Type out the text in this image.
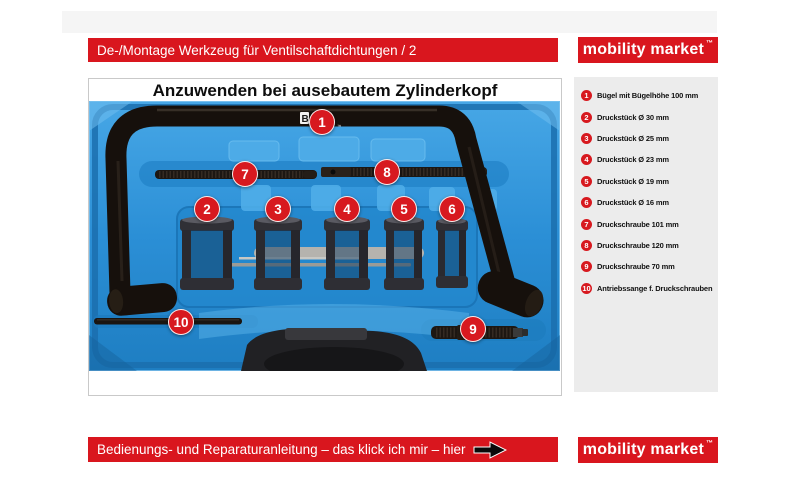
De-/Montage Werkzeug für Ventilschaftdichtungen / 2	mobility market ™
Anzuwenden bei ausebautem Zylinderkopf
B
™
1
2	3	4	5	6
7	8
9
10
1	Bügel mit Bügelhöhe 100 mm
2	Druckstück Ø 30 mm
3	Druckstück Ø 25 mm
4	Druckstück Ø 23 mm
5	Druckstück Ø 19 mm
6	Druckstück Ø 16 mm
7	Druckschraube 101 mm
8	Druckschraube 120 mm
9	Druckschraube 70 mm
10 Antriebssange f. Druckschrauben
Bedienungs- und Reparaturanleitung – das klick ich mir – hier	mobility market ™
